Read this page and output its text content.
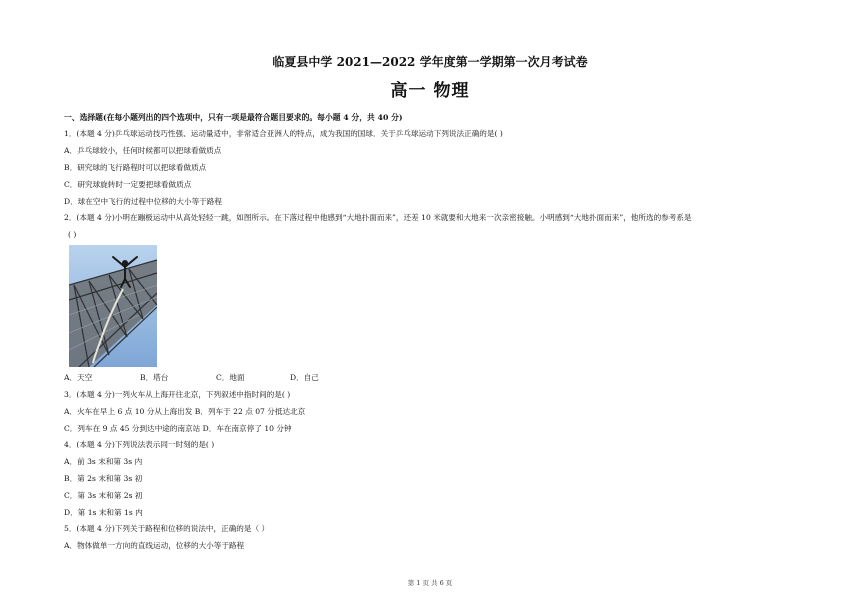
临夏县中学 2021—2022 学年度第一学期第一次月考试卷
高一 物理
一、选择题(在每小题列出的四个选项中，只有一项是最符合题目要求的。每小题 4 分，共 40 分)
1．(本题 4 分)乒乓球运动技巧性强、运动量适中，非常适合亚洲人的特点，成为我国的国球．关于乒乓球运动下列说法正确的是( )
A．乒乓球较小，任何时候都可以把球看做质点
B．研究球的飞行路程时可以把球看做质点
C．研究球旋转时一定要把球看做质点
D．球在空中飞行的过程中位移的大小等于路程
2．(本题 4 分)小明在蹦极运动中从高处轻轻一跳，如图所示。在下落过程中他感到“大地扑面而来”，还差 10 米就要和大地来一次亲密接触。小明感到“大地扑面而来”，他所选的参考系是
( )
A．天空	B．塔台	C．地面	D．自己
3．(本题 4 分)一列火车从上海开往北京，下列叙述中指时间的是( )
A．火车在早上 6 点 10 分从上海出发 B．列车于 22 点 07 分抵达北京
C．列车在 9 点 45 分到达中途的南京站 D．车在南京停了 10 分钟
4．(本题 4 分)下列说法表示同一时刻的是( )
A．前 3s 末和第 3s 内
B．第 2s 末和第 3s 初
C．第 3s 末和第 2s 初
D．第 1s 末和第 1s 内
5．(本题 4 分)下列关于路程和位移的说法中，正确的是（ ）
A．物体做单一方向的直线运动，位移的大小等于路程
第 1 页 共 6 页
